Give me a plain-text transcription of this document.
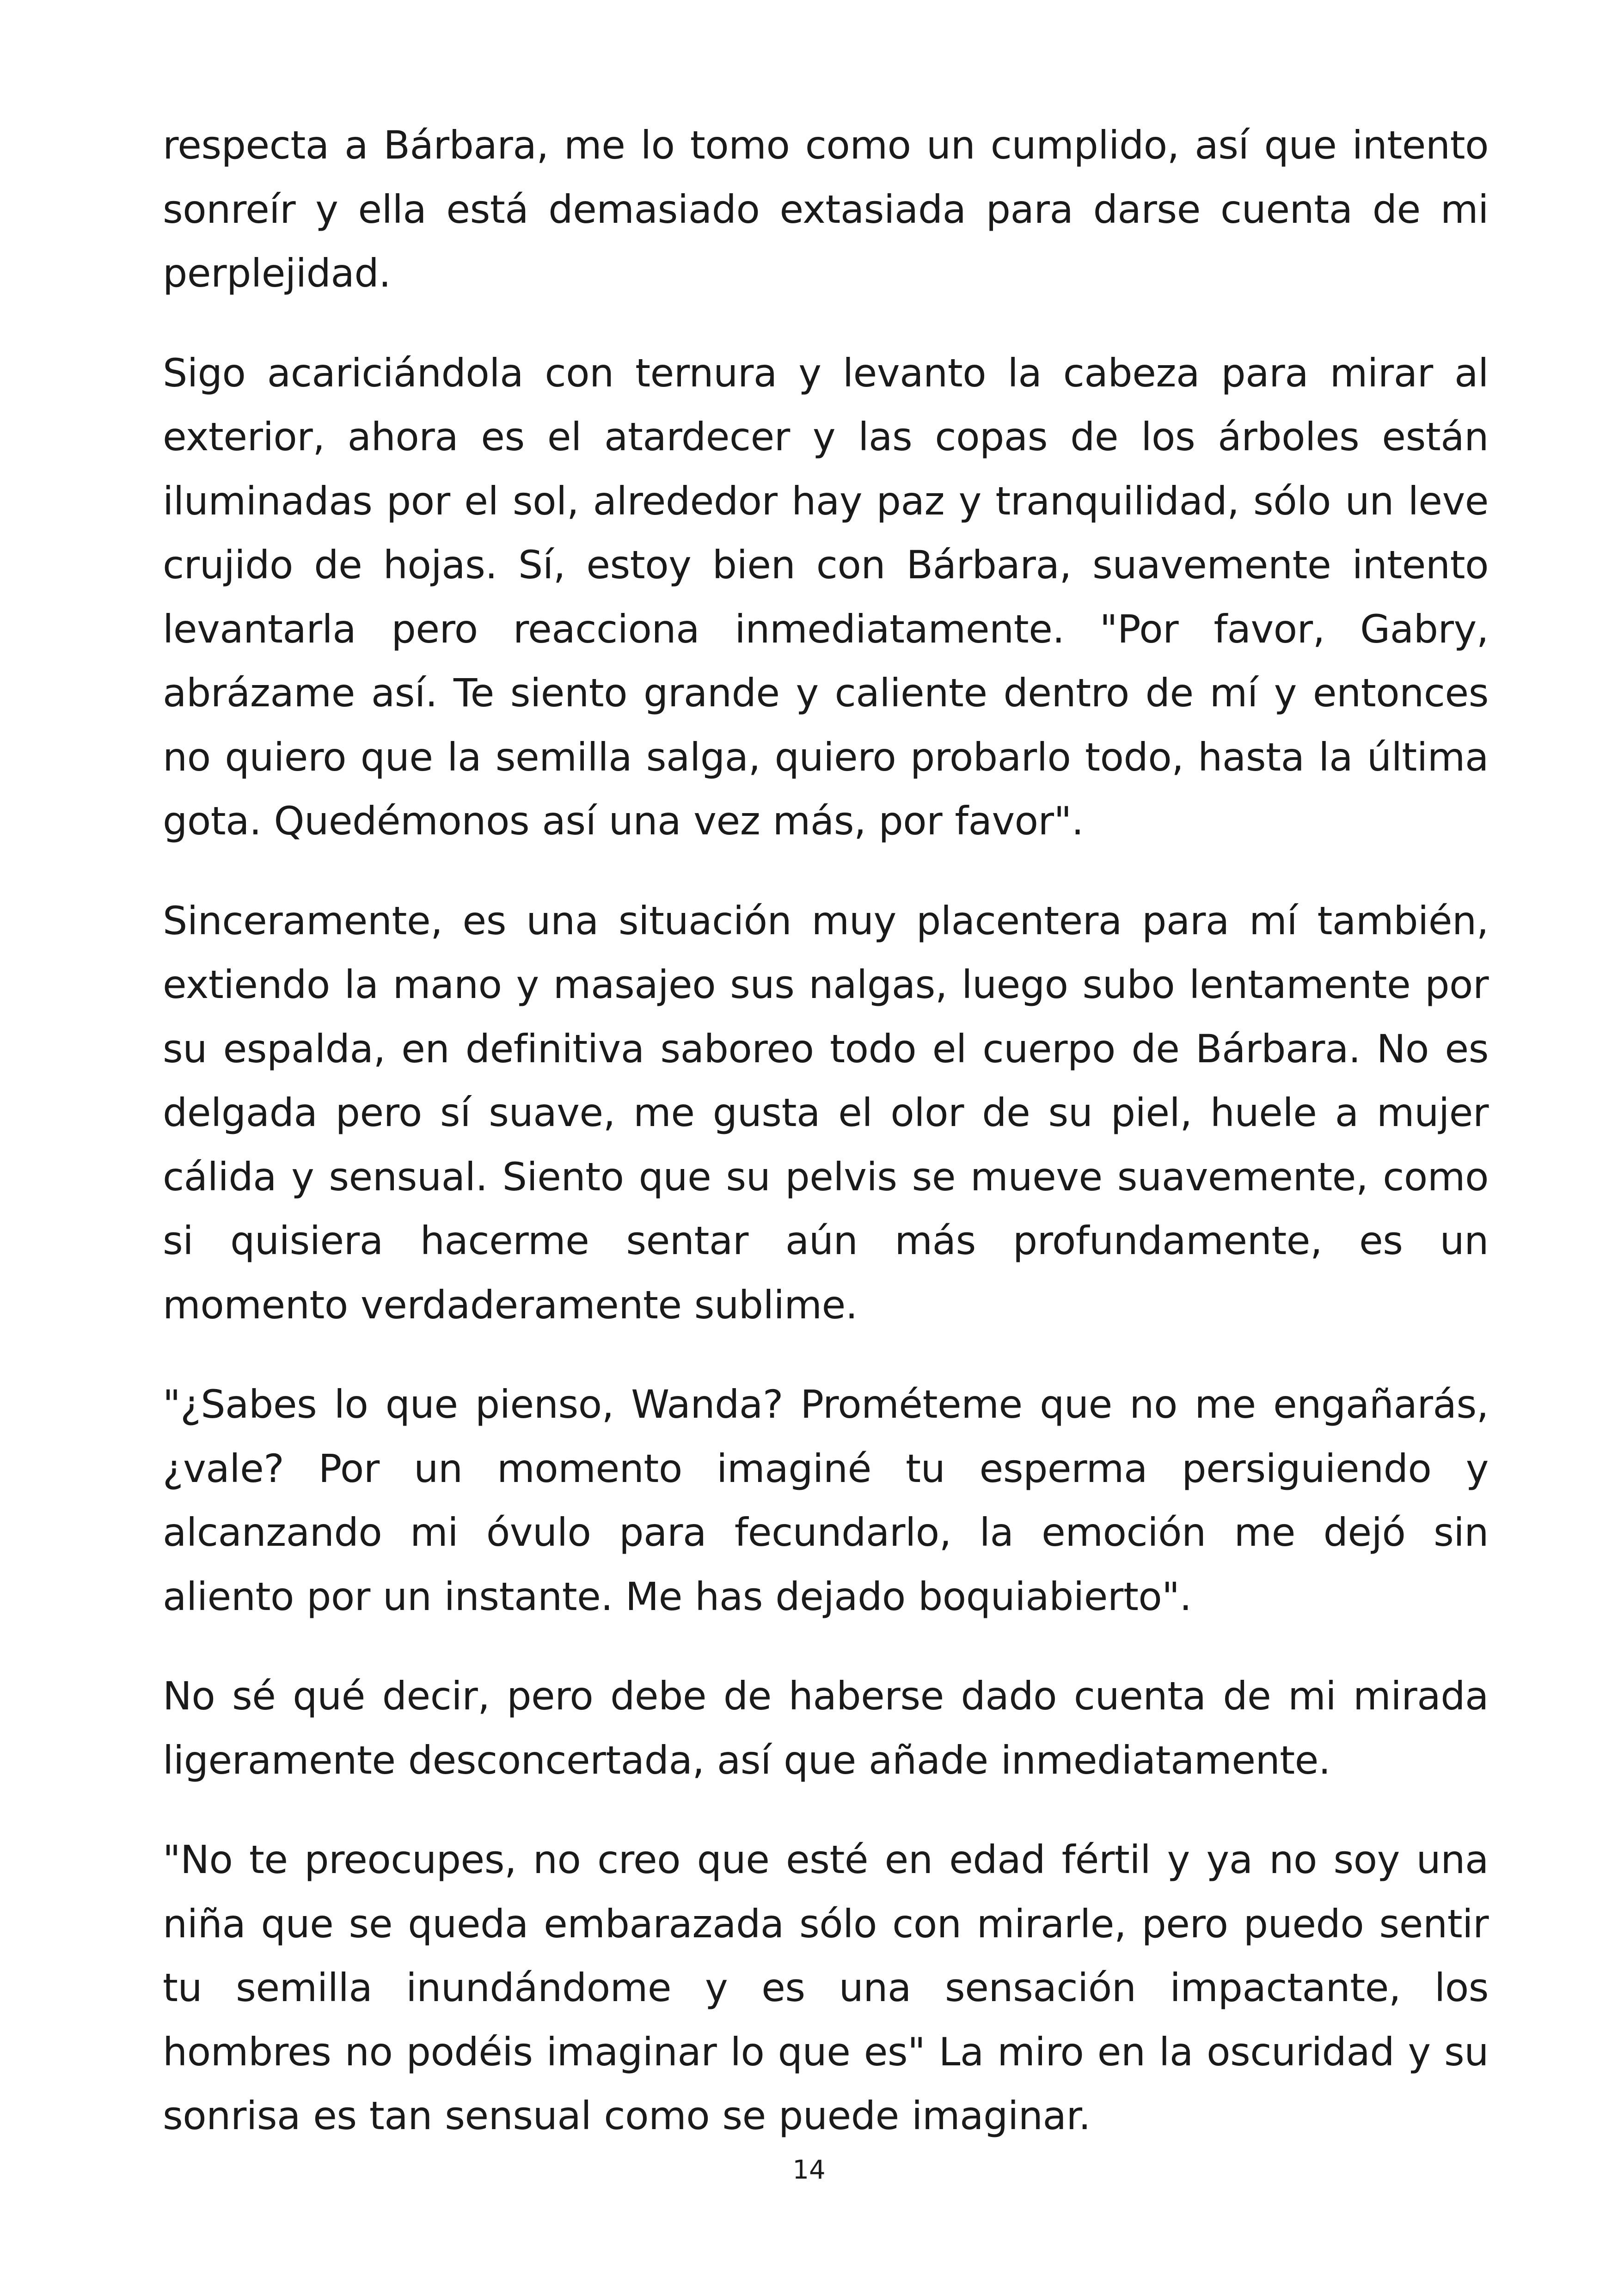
respecta a Bárbara, me lo tomo como un cumplido, así que intento sonreír y ella está demasiado extasiada para darse cuenta de mi perplejidad.

Sigo acariciándola con ternura y levanto la cabeza para mirar al exterior, ahora es el atardecer y las copas de los árboles están iluminadas por el sol, alrededor hay paz y tranquilidad, sólo un leve crujido de hojas. Sí, estoy bien con Bárbara, suavemente intento levantarla pero reacciona inmediatamente. "Por favor, Gabry, abrázame así. Te siento grande y caliente dentro de mí y entonces no quiero que la semilla salga, quiero probarlo todo, hasta la última gota. Quedémonos así una vez más, por favor".

Sinceramente, es una situación muy placentera para mí también, extiendo la mano y masajeo sus nalgas, luego subo lentamente por su espalda, en definitiva saboreo todo el cuerpo de Bárbara. No es delgada pero sí suave, me gusta el olor de su piel, huele a mujer cálida y sensual. Siento que su pelvis se mueve suavemente, como si quisiera hacerme sentar aún más profundamente, es un momento verdaderamente sublime.

"¿Sabes lo que pienso, Wanda? Prométeme que no me engañarás, ¿vale? Por un momento imaginé tu esperma persiguiendo y alcanzando mi óvulo para fecundarlo, la emoción me dejó sin aliento por un instante. Me has dejado boquiabierto".

No sé qué decir, pero debe de haberse dado cuenta de mi mirada ligeramente desconcertada, así que añade inmediatamente.

"No te preocupes, no creo que esté en edad fértil y ya no soy una niña que se queda embarazada sólo con mirarle, pero puedo sentir tu semilla inundándome y es una sensación impactante, los hombres no podéis imaginar lo que es" La miro en la oscuridad y su sonrisa es tan sensual como se puede imaginar.

14
